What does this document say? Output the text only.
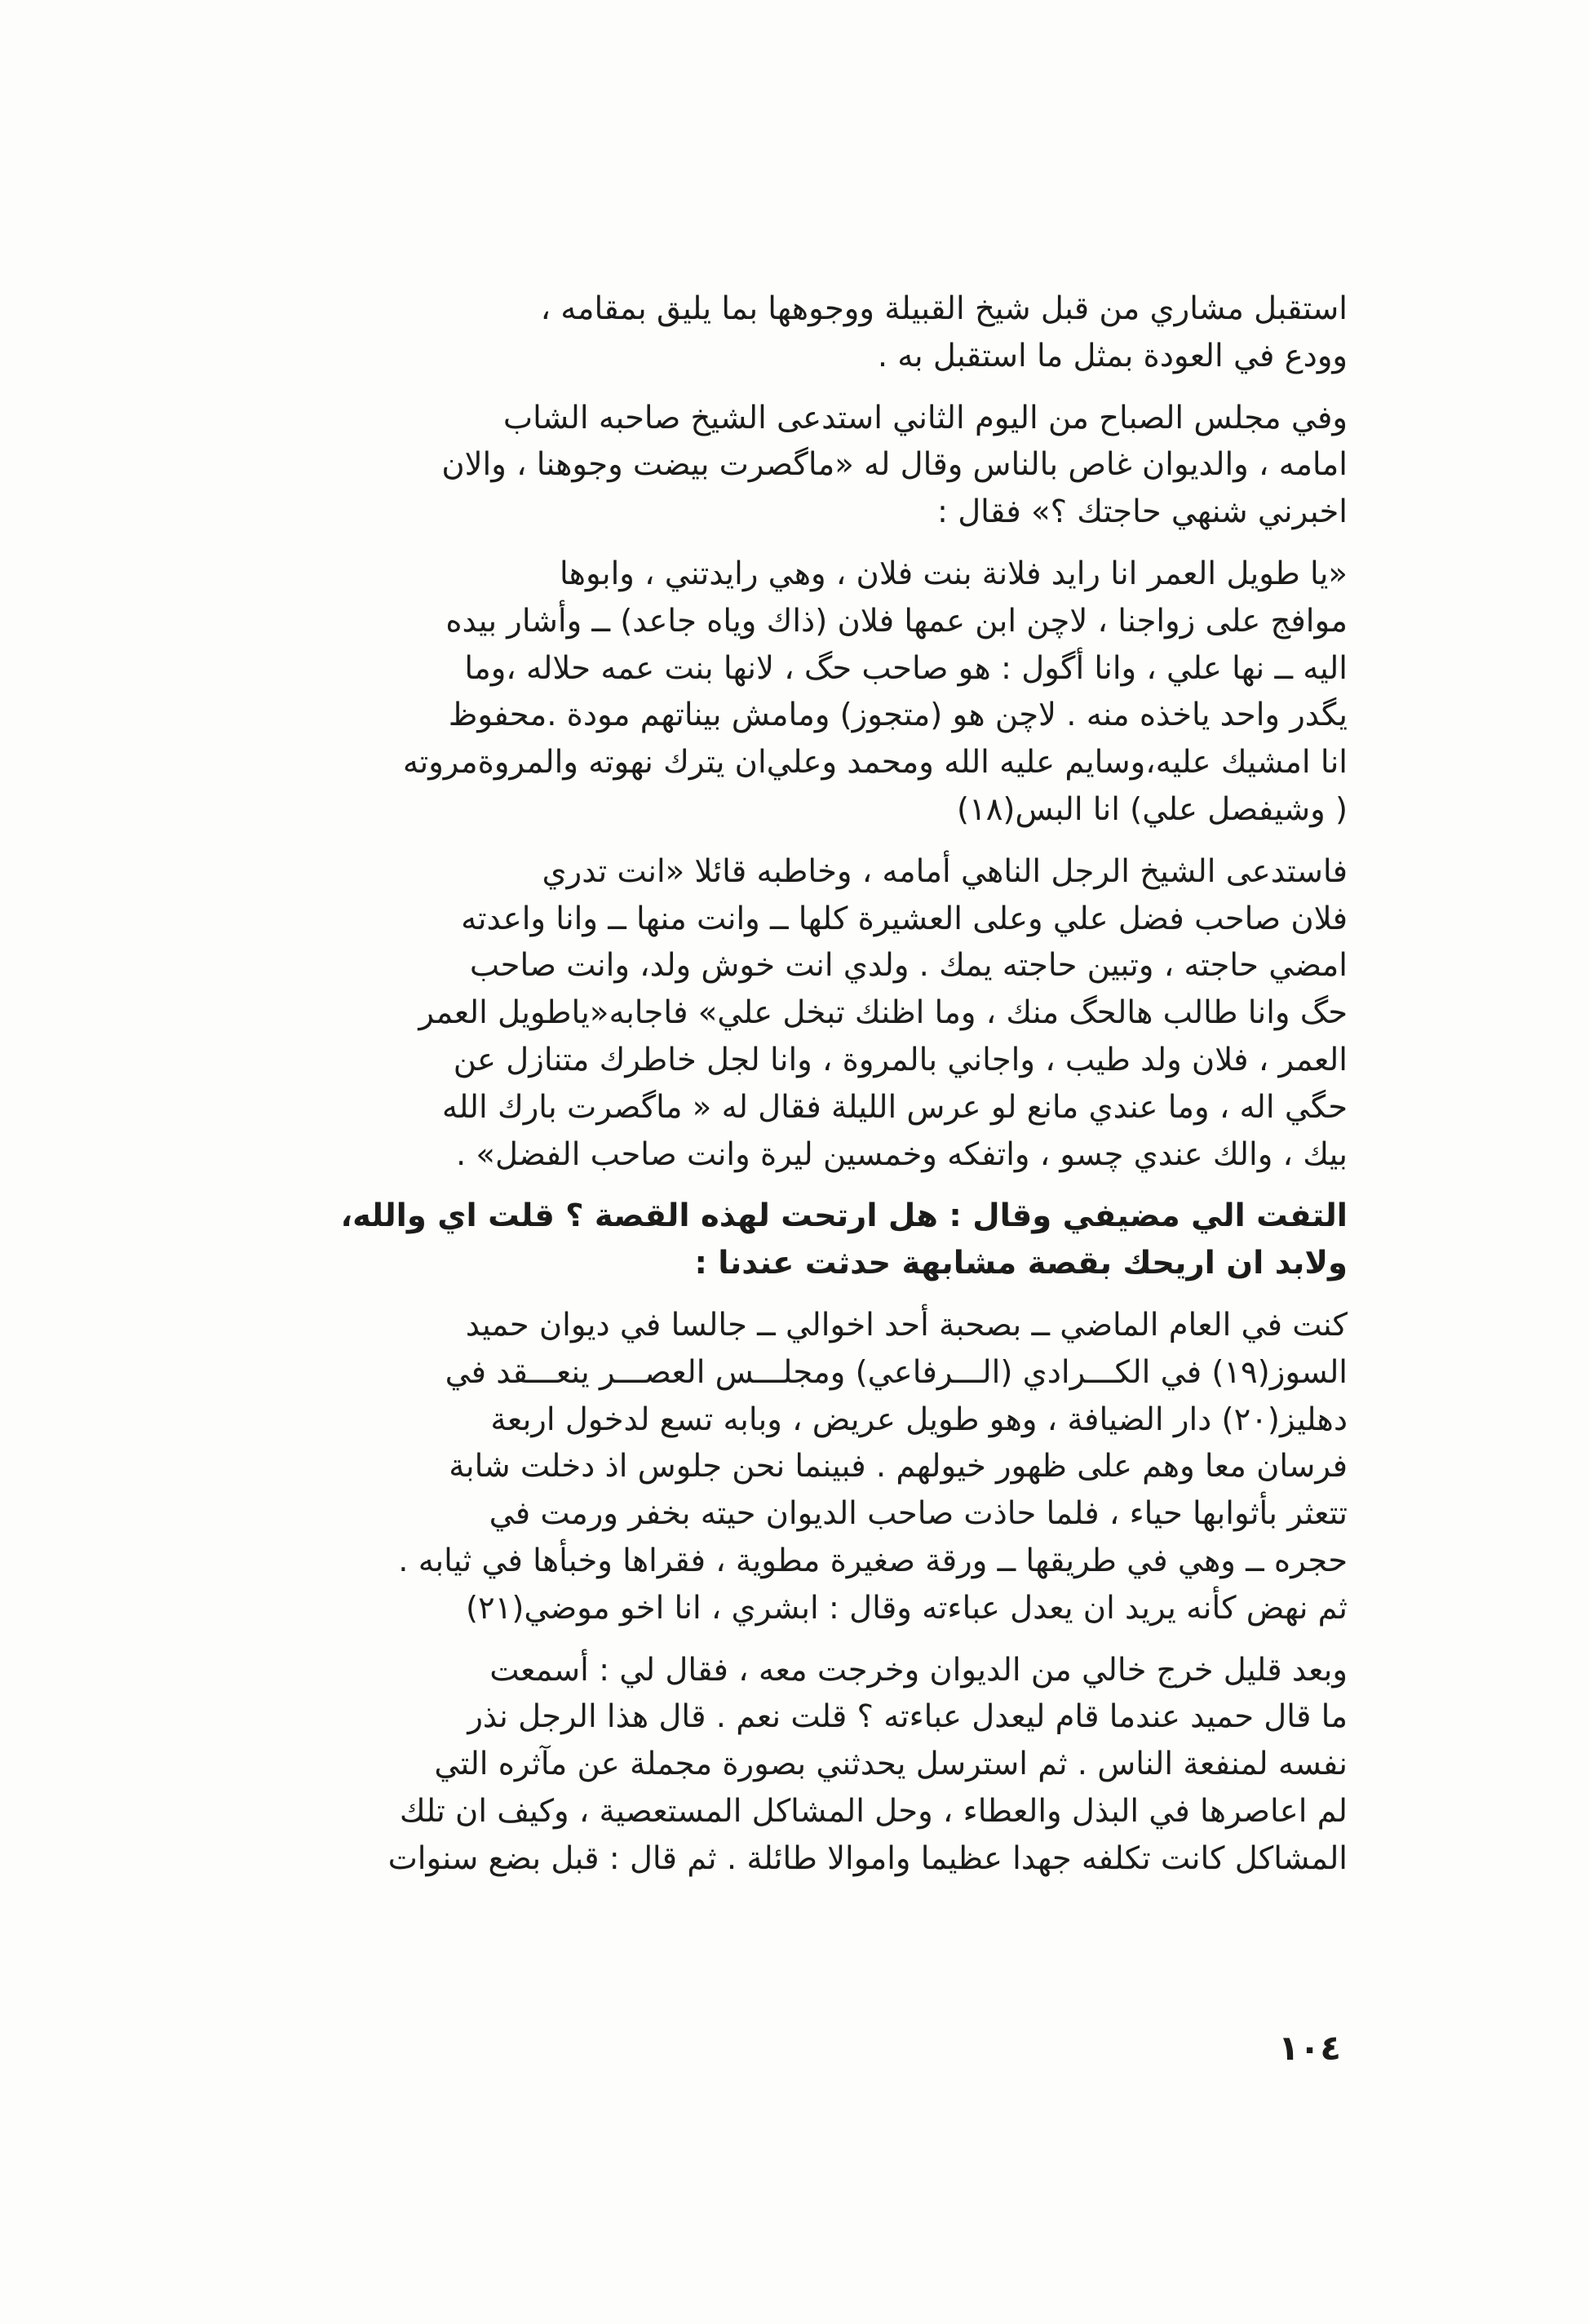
استقبل مشاري من قبل شيخ القبيلة ووجوهها بما يليق بمقامه ،
وودع في العودة بمثل ما استقبل به .

وفي مجلس الصباح من اليوم الثاني استدعى الشيخ صاحبه الشاب
امامه ، والديوان غاص بالناس وقال له «ماگصرت بيضت وجوهنا ، والان
اخبرني شنهي حاجتك ؟» فقال :

«يا طويل العمر انا رايد فلانة بنت فلان ، وهي رايدتني ، وابوها
موافج على زواجنا ، لاچن ابن عمها فلان (ذاك وياه جاعد) ــ وأشار بيده
اليه ــ نها علي ، وانا أگول : هو صاحب حگ ، لانها بنت عمه حلاله ،وما
يگدر واحد ياخذه منه . لاچن هو (متجوز) ومامش بيناتهم مودة .محفوظ
انا امشيك عليه،وسايم عليه الله ومحمد وعلي‌ان يترك نهوته والمروةمروته
( وشيفصل علي) انا البس(١٨)

فاستدعى الشيخ الرجل الناهي أمامه ، وخاطبه قائلا «انت تدري
فلان صاحب فضل علي وعلى العشيرة كلها ــ وانت منها ــ وانا واعدته
امضي حاجته ، وتبين حاجته يمك . ولدي انت خوش ولد، وانت صاحب
حگ وانا طالب هالحگ منك ، وما اظنك تبخل علي» فاجابه«ياطويل العمر
العمر ، فلان ولد طيب ، واجاني بالمروة ، وانا لجل خاطرك متنازل عن
حگي اله ، وما عندي مانع لو عرس الليلة فقال له « ماگصرت بارك الله
بيك ، والك عندي چسو ، واتفكه وخمسين ليرة وانت صاحب الفضل» .

التفت الي مضيفي وقال : هل ارتحت لهذه القصة ؟ قلت اي والله،
ولابد ان اريحك بقصة مشابهة حدثت عندنا :

كنت في العام الماضي ــ بصحبة أحد اخوالي ــ جالسا في ديوان حميد
السوز(١٩) في الكـــرادي (الـــرفاعي) ومجلـــس العصـــر ينعـــقد في
دهليز(٢٠) دار الضيافة ، وهو طويل عريض ، وبابه تسع لدخول اربعة
فرسان معا وهم على ظهور خيولهم . فبينما نحن جلوس اذ دخلت شابة
تتعثر بأثوابها حياء ، فلما حاذت صاحب الديوان حيته بخفر ورمت في
حجره ــ وهي في طريقها ــ ورقة صغيرة مطوية ، فقراها وخبأها في ثيابه .
ثم نهض كأنه يريد ان يعدل عباءته وقال : ابشري ، انا اخو موضي(٢١)

وبعد قليل خرج خالي من الديوان وخرجت معه ، فقال لي : أسمعت
ما قال حميد عندما قام ليعدل عباءته ؟ قلت نعم . قال هذا الرجل نذر
نفسه لمنفعة الناس . ثم استرسل يحدثني بصورة مجملة عن مآثره التي
لم اعاصرها في البذل والعطاء ، وحل المشاكل المستعصية ، وكيف ان تلك
المشاكل كانت تكلفه جهدا عظيما واموالا طائلة . ثم قال : قبل بضع سنوات

١٠٤
